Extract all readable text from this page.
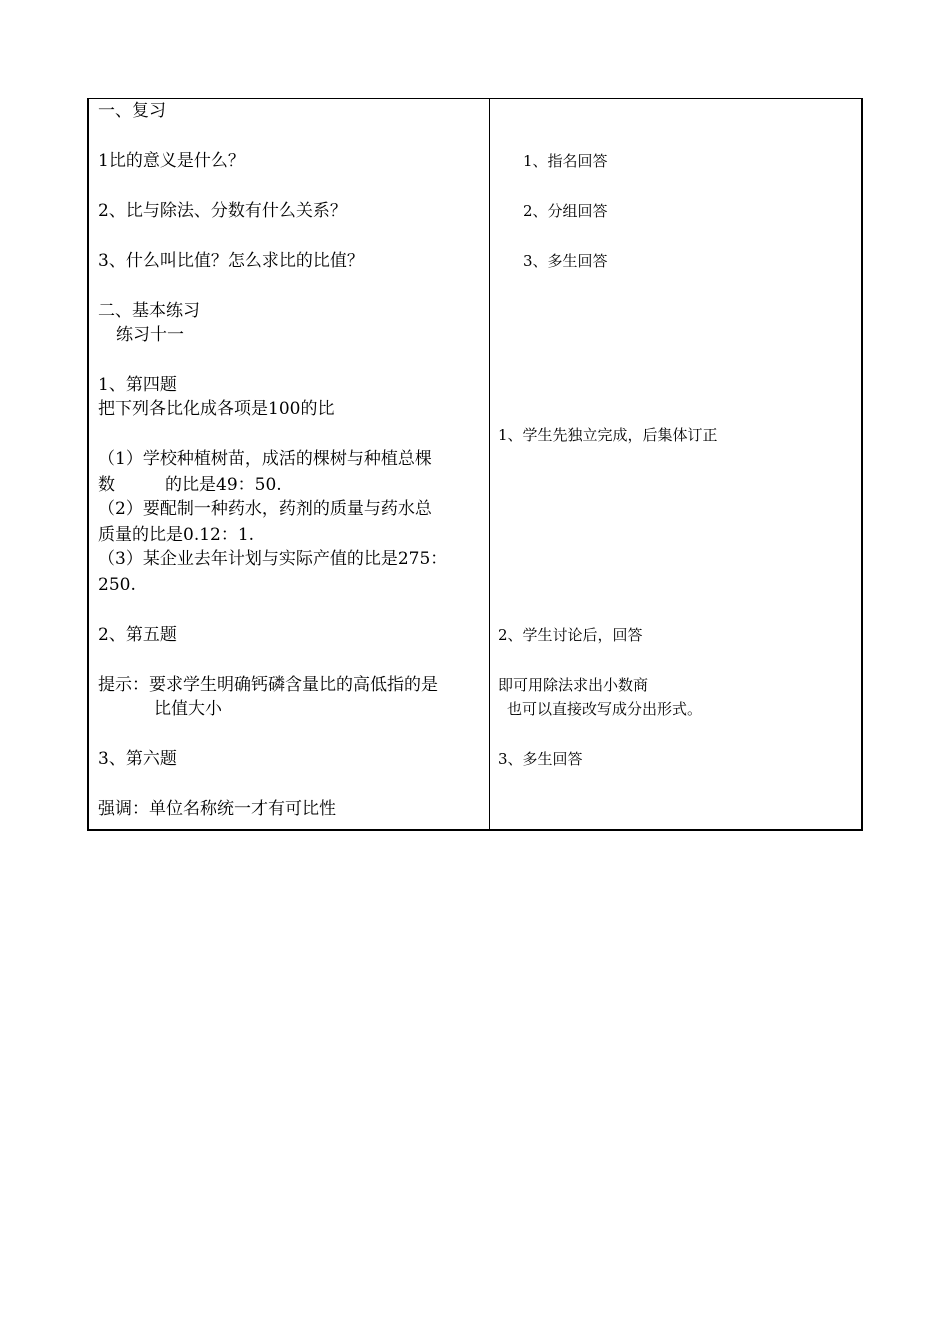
一、复习
1比的意义是什么？
2、比与除法、分数有什么关系？
3、什么叫比值？怎么求比的比值？
二、基本练习
练习十一
1、第四题
把下列各比化成各项是100的比
（1）学校种植树苗，成活的棵树与种植总棵
数	的比是49：50.
（2）要配制一种药水，药剂的质量与药水总
质量的比是0.12：1.
（3）某企业去年计划与实际产值的比是275：
250.
2、第五题
提示：要求学生明确钙磷含量比的高低指的是
比值大小
3、第六题
强调：单位名称统一才有可比性
1、指名回答
2、分组回答
3、多生回答
1、学生先独立完成，后集体订正
2、学生讨论后，回答
即可用除法求出小数商
也可以直接改写成分出形式。
3、多生回答
